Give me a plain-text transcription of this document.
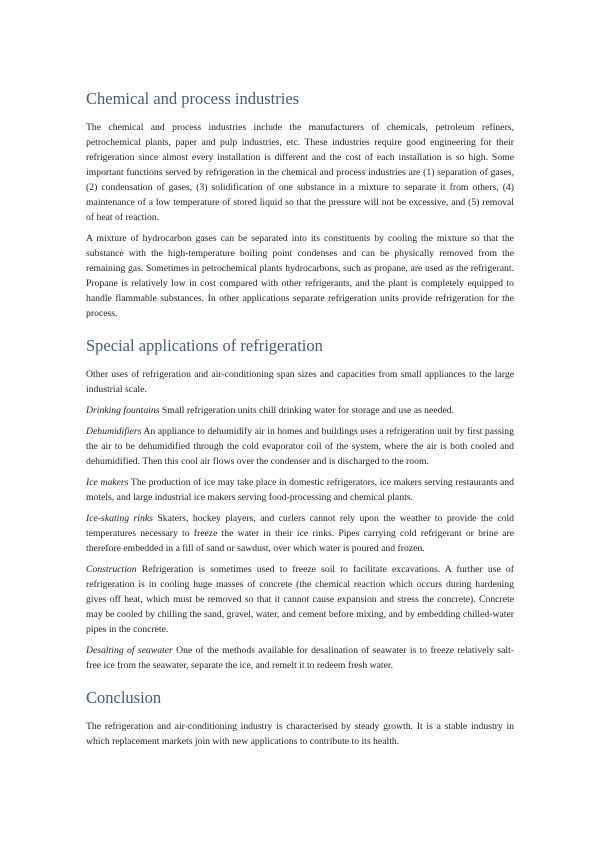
Chemical and process industries

The chemical and process industries include the manufacturers of chemicals, petroleum refiners, petrochemical plants, paper and pulp industries, etc. These industries require good engineering for their refrigeration since almost every installation is different and the cost of each installation is so high. Some important functions served by refrigeration in the chemical and process industries are (1) separation of gases, (2) condensation of gases, (3) solidification of one substance in a mixture to separate it from others, (4) maintenance of a low temperature of stored liquid so that the pressure will not be excessive, and (5) removal of heat of reaction.

A mixture of hydrocarbon gases can be separated into its constituents by cooling the mixture so that the substance with the high-temperature boiling point condenses and can be physically removed from the remaining gas. Sometimes in petrochemical plants hydrocarbons, such as propane, are used as the refrigerant. Propane is relatively low in cost compared with other refrigerants, and the plant is completely equipped to handle flammable substances. In other applications separate refrigeration units provide refrigeration for the process.

Special applications of refrigeration

Other uses of refrigeration and air-conditioning span sizes and capacities from small appliances to the large industrial scale.

Drinking fountains Small refrigeration units chill drinking water for storage and use as needed.

Dehumidifiers An appliance to dehumidify air in homes and buildings uses a refrigeration unit by first passing the air to be dehumidified through the cold evaporator coil of the system, where the air is both cooled and dehumidified. Then this cool air flows over the condenser and is discharged to the room.

Ice makers The production of ice may take place in domestic refrigerators, ice makers serving restaurants and motels, and large industrial ice makers serving food-processing and chemical plants.

Ice-skating rinks Skaters, hockey players, and curlers cannot rely upon the weather to provide the cold temperatures necessary to freeze the water in their ice rinks. Pipes carrying cold refrigerant or brine are therefore embedded in a fill of sand or sawdust, over which water is poured and frozen.

Construction Refrigeration is sometimes used to freeze soil to facilitate excavations. A further use of refrigeration is in cooling huge masses of concrete (the chemical reaction which occurs during hardening gives off heat, which must be removed so that it cannot cause expansion and stress the concrete). Concrete may be cooled by chilling the sand, gravel, water, and cement before mixing, and by embedding chilled-water pipes in the concrete.

Desalting of seawater One of the methods available for desalination of seawater is to freeze relatively salt-free ice from the seawater, separate the ice, and remelt it to redeem fresh water.

Conclusion

The refrigeration and air-conditioning industry is characterised by steady growth. It is a stable industry in which replacement markets join with new applications to contribute to its health.
